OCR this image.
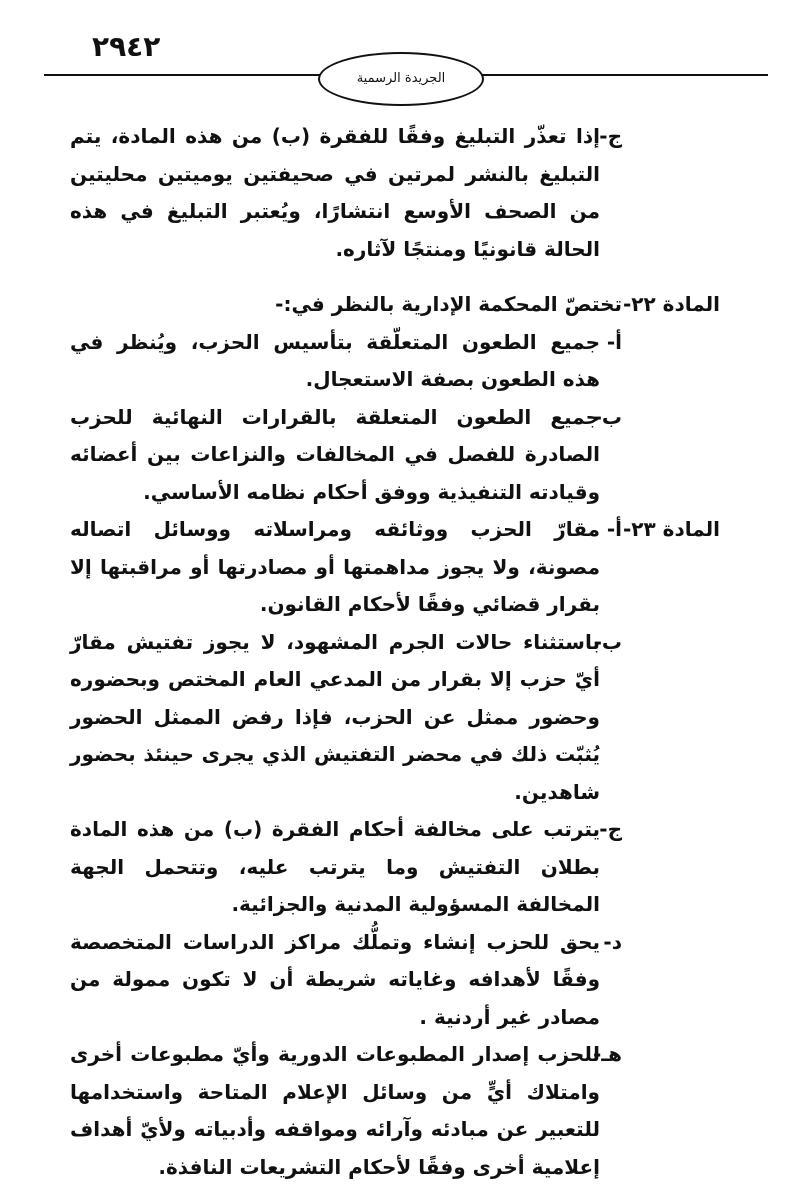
٢٩٤٢
الجريدة الرسمية
ج-
إذا تعذّر التبليغ وفقًا للفقرة (ب) من هذه المادة، يتم التبليغ بالنشر لمرتين في صحيفتين يوميتين محليتين من الصحف الأوسع انتشارًا، ويُعتبر التبليغ في هذه الحالة قانونيًا ومنتجًا لآثاره.
المادة ٢٢-
تختصّ المحكمة الإدارية بالنظر في:-
أ-
جميع الطعون المتعلّقة بتأسيس الحزب، ويُنظر في هذه الطعون بصفة الاستعجال.
ب-
جميع الطعون المتعلقة بالقرارات النهائية للحزب الصادرة للفصل في المخالفات والنزاعات بين أعضائه وقيادته التنفيذية ووفق أحكام نظامه الأساسي.
المادة ٢٣-
أ-
مقارّ الحزب ووثائقه ومراسلاته ووسائل اتصاله مصونة، ولا يجوز مداهمتها أو مصادرتها أو مراقبتها إلا بقرار قضائي وفقًا لأحكام القانون.
ب-
باستثناء حالات الجرم المشهود، لا يجوز تفتيش مقارّ أيّ حزب إلا بقرار من المدعي العام المختص وبحضوره وحضور ممثل عن الحزب، فإذا رفض الممثل الحضور يُثبّت ذلك في محضر التفتيش الذي يجرى حينئذ بحضور شاهدين.
ج-
يترتب على مخالفة أحكام الفقرة (ب) من هذه المادة بطلان التفتيش وما يترتب عليه، وتتحمل الجهة المخالفة المسؤولية المدنية والجزائية.
د-
يحق للحزب إنشاء وتملُّك مراكز الدراسات المتخصصة وفقًا لأهدافه وغاياته شريطة أن لا تكون ممولة من مصادر غير أردنية .
هـ-
للحزب إصدار المطبوعات الدورية وأيّ مطبوعات أخرى وامتلاك أيٍّ من وسائل الإعلام المتاحة واستخدامها للتعبير عن مبادئه وآرائه ومواقفه وأدبياته ولأيّ أهداف إعلامية أخرى وفقًا لأحكام التشريعات النافذة.
